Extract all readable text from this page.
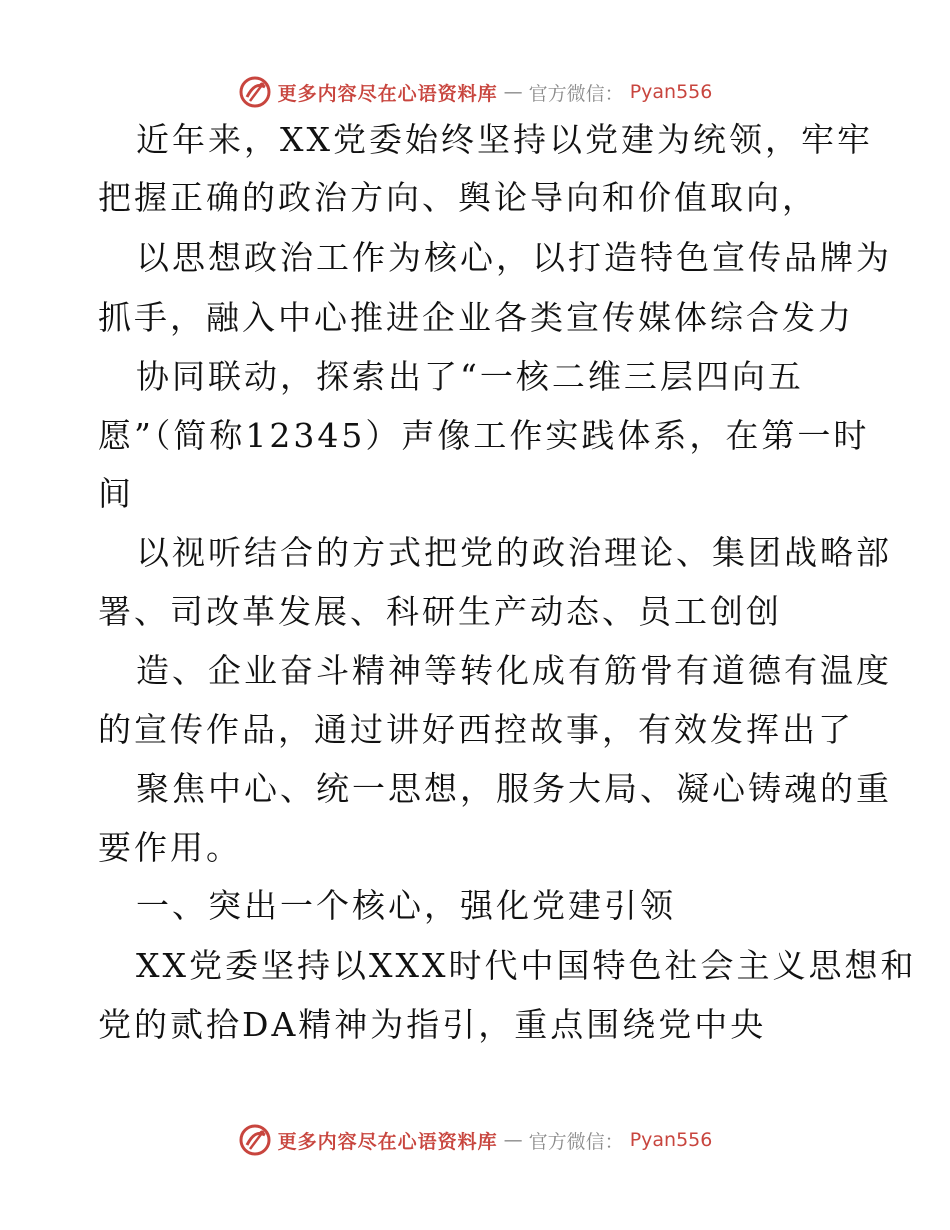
更多内容尽在心语资料库 — 官方微信： Pyan556
近年来，XX党委始终坚持以党建为统领，牢牢
把握正确的政治方向、舆论导向和价值取向，
以思想政治工作为核心，以打造特色宣传品牌为
抓手，融入中心推进企业各类宣传媒体综合发力
协同联动，探索出了“一核二维三层四向五
愿”（简称12345）声像工作实践体系，在第一时
间
以视听结合的方式把党的政治理论、集团战略部
署、司改革发展、科研生产动态、员工创创
造、企业奋斗精神等转化成有筋骨有道德有温度
的宣传作品，通过讲好西控故事，有效发挥出了
聚焦中心、统一思想，服务大局、凝心铸魂的重
要作用。
一、突出一个核心，强化党建引领
XX党委坚持以XXX时代中国特色社会主义思想和
党的贰拾DA精神为指引，重点围绕党中央
更多内容尽在心语资料库 — 官方微信： Pyan556
